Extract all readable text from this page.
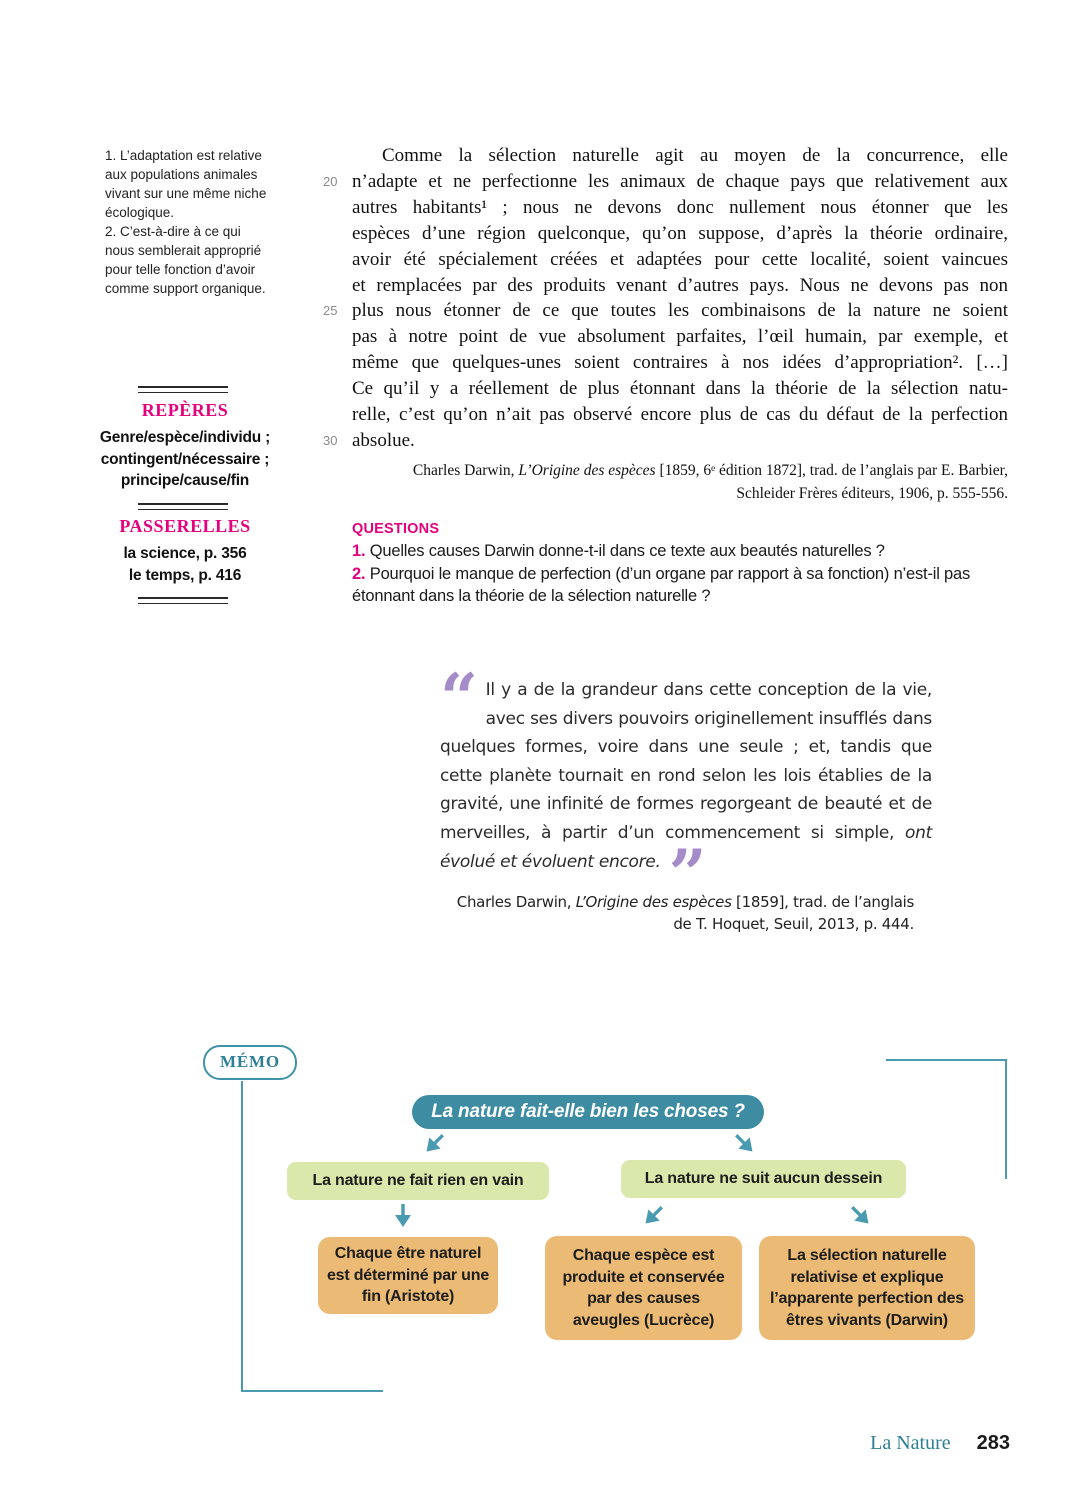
1. L’adaptation est relative aux populations animales vivant sur une même niche écologique.

2. C’est-à-dire à ce qui nous semblerait approprié pour telle fonction d’avoir comme support organique.

REPÈRES
Genre/espèce/individu ;
contingent/nécessaire ;
principe/cause/fin
PASSERELLES
la science, p. 356
le temps, p. 416
Comme la sélection naturelle agit au moyen de la concurrence, elle
20 n’adapte et ne perfectionne les animaux de chaque pays que relativement aux
autres habitants¹ ; nous ne devons donc nullement nous étonner que les
espèces d’une région quelconque, qu’on suppose, d’après la théorie ordinaire,
avoir été spécialement créées et adaptées pour cette localité, soient vaincues
et remplacées par des produits venant d’autres pays. Nous ne devons pas non
25 plus nous étonner de ce que toutes les combinaisons de la nature ne soient
pas à notre point de vue absolument parfaites, l’œil humain, par exemple, et
même que quelques-unes soient contraires à nos idées d’appropriation². […]
Ce qu’il y a réellement de plus étonnant dans la théorie de la sélection natu-
relle, c’est qu’on n’ait pas observé encore plus de cas du défaut de la perfection
30 absolue.
Charles Darwin, L’Origine des espèces [1859, 6ᵉ édition 1872], trad. de l’anglais par E. Barbier,
Schleider Frères éditeurs, 1906, p. 555-556.

QUESTIONS

1. Quelles causes Darwin donne-t-il dans ce texte aux beautés naturelles ?

2. Pourquoi le manque de perfection (d’un organe par rapport à sa fonction) n’est-il pas étonnant dans la théorie de la sélection naturelle ?

“ Il y a de la grandeur dans cette conception de la vie, avec ses divers pouvoirs originellement insufflés dans quelques formes, voire dans une seule ; et, tandis que cette planète tournait en rond selon les lois établies de la gravité, une infinité de formes regorgeant de beauté et de merveilles, à partir d’un commencement si simple, ont évolué et évoluent encore. ”
Charles Darwin, L’Origine des espèces [1859], trad. de l’anglais
de T. Hoquet, Seuil, 2013, p. 444.
MÉMO
La nature fait-elle bien les choses ?
La nature ne fait rien en vain	La nature ne suit aucun dessein
Chaque être naturel est déterminé par une fin (Aristote)
Chaque espèce est produite et conservée par des causes aveugles (Lucrèce)
La sélection naturelle relativise et explique l’apparente perfection des êtres vivants (Darwin)
La Nature 283
